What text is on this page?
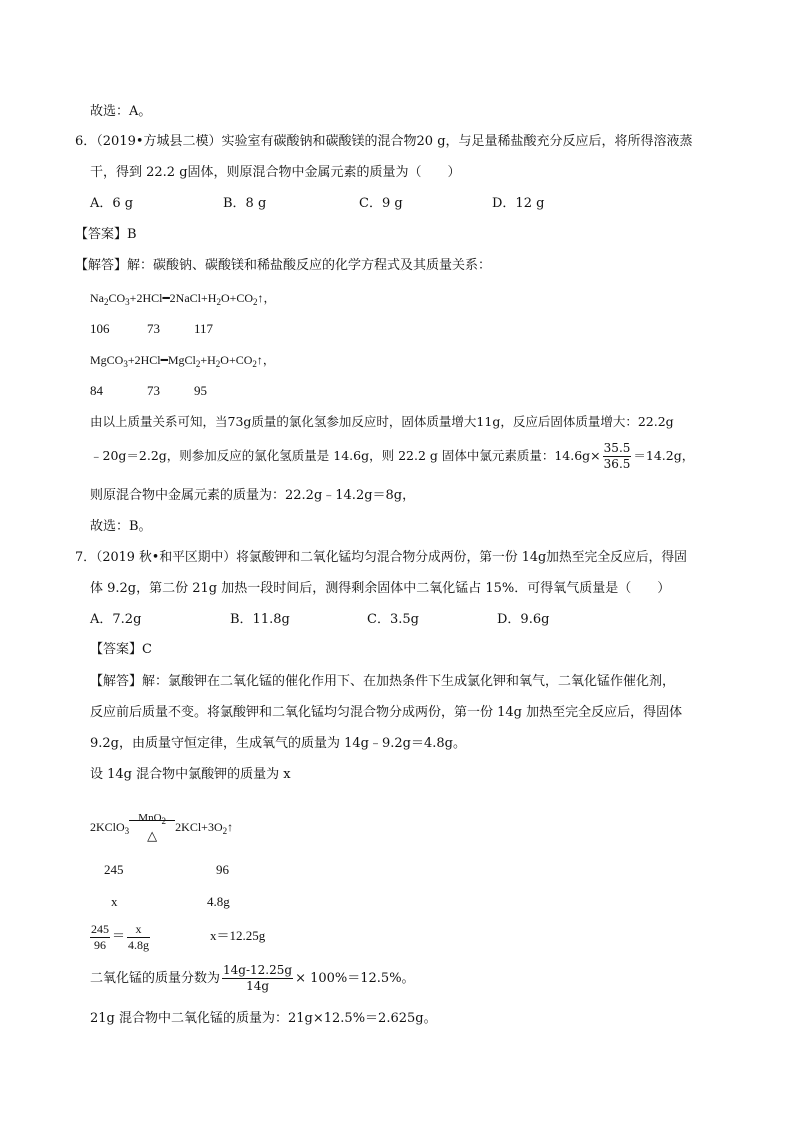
故选：A。
6．（2019•方城县二模）实验室有碳酸钠和碳酸镁的混合物20 g，与足量稀盐酸充分反应后，将所得溶液蒸
干，得到 22.2 g固体，则原混合物中金属元素的质量为（　　）
A．6 g	B．8 g	C．9 g	D．12 g
【答案】B
【解答】解：碳酸钠、碳酸镁和稀盐酸反应的化学方程式及其质量关系：
$Na_2CO_3+2HCl━2NaCl+H_2O+CO_2↑$，
106	73	117
$MgCO_3+2HCl━MgCl_2+H_2O+CO_2↑$，
84	73	95
由以上质量关系可知，当73g质量的氯化氢参加反应时，固体质量增大11g，反应后固体质量增大：22.2g
﹣20g＝2.2g，则参加反应的氯化氢质量是 14.6g，则 22.2 g 固体中氯元素质量：$14.6g\times \frac{35.5}{36.5} =14.2g$，
则原混合物中金属元素的质量为：22.2g﹣14.2g＝8g，
故选：B。
7．（2019 秋•和平区期中）将氯酸钾和二氧化锰均匀混合物分成两份，第一份 14g加热至完全反应后，得固
体 9.2g，第二份 21g 加热一段时间后，测得剩余固体中二氧化锰占 15%．可得氧气质量是（　　）
A．7.2g	B．11.8g	C．3.5g	D．9.6g
【答案】C
【解答】解：氯酸钾在二氧化锰的催化作用下、在加热条件下生成氯化钾和氧气，二氧化锰作催化剂，
反应前后质量不变。将氯酸钾和二氧化锰均匀混合物分成两份，第一份 14g 加热至完全反应后，得固体
9.2g，由质量守恒定律，生成氧气的质量为 14g﹣9.2g＝4.8g。
设 14g 混合物中氯酸钾的质量为 x
2KClO$_3$
MnO$_2$
△
$2KCl+3O_2↑$
245	96
x	4.8g
$\frac{245}{96} = \frac{x}{4.8g}$	x＝12.25g
二氧化锰的质量分数为 $\frac{14g-12.25g}{14g} \times 100\%=12.5\%$。
21g 混合物中二氧化锰的质量为：21g×12.5%＝2.625g。
